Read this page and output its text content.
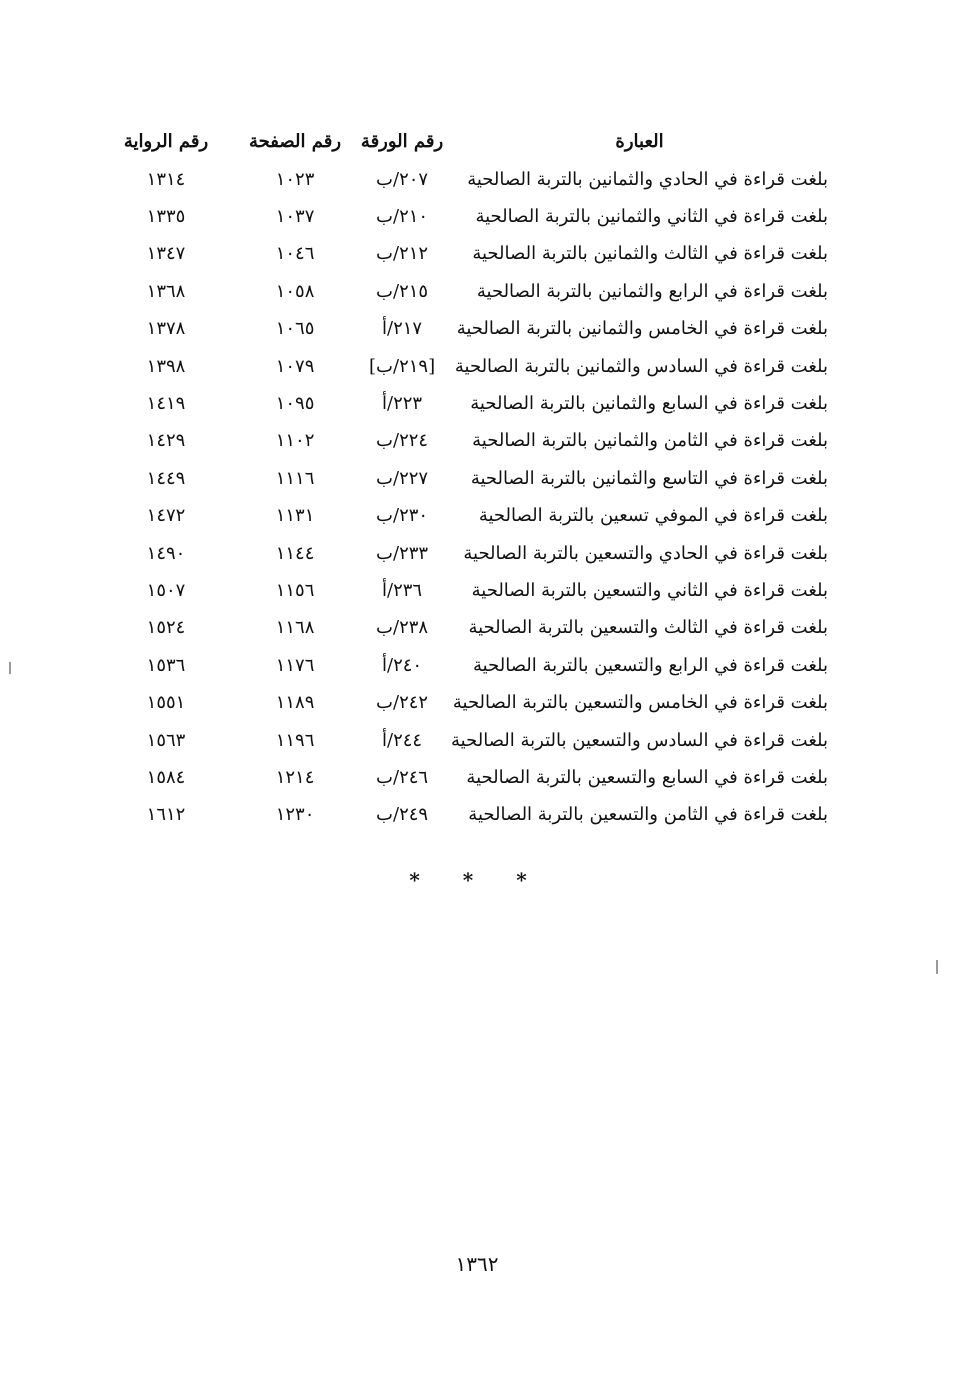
العبارة	رقم الورقة	رقم الصفحة	رقم الرواية
بلغت قراءة في الحادي والثمانين بالتربة الصالحية	٢٠٧/ب	١٠٢٣	١٣١٤
بلغت قراءة في الثاني والثمانين بالتربة الصالحية	٢١٠/ب	١٠٣٧	١٣٣٥
بلغت قراءة في الثالث والثمانين بالتربة الصالحية	٢١٢/ب	١٠٤٦	١٣٤٧
بلغت قراءة في الرابع والثمانين بالتربة الصالحية	٢١٥/ب	١٠٥٨	١٣٦٨
بلغت قراءة في الخامس والثمانين بالتربة الصالحية	٢١٧/أ	١٠٦٥	١٣٧٨
بلغت قراءة في السادس والثمانين بالتربة الصالحية	[٢١٩/ب]	١٠٧٩	١٣٩٨
بلغت قراءة في السابع والثمانين بالتربة الصالحية	٢٢٣/أ	١٠٩٥	١٤١٩
بلغت قراءة في الثامن والثمانين بالتربة الصالحية	٢٢٤/ب	١١٠٢	١٤٢٩
بلغت قراءة في التاسع والثمانين بالتربة الصالحية	٢٢٧/ب	١١١٦	١٤٤٩
بلغت قراءة في الموفي تسعين بالتربة الصالحية	٢٣٠/ب	١١٣١	١٤٧٢
بلغت قراءة في الحادي والتسعين بالتربة الصالحية	٢٣٣/ب	١١٤٤	١٤٩٠
بلغت قراءة في الثاني والتسعين بالتربة الصالحية	٢٣٦/أ	١١٥٦	١٥٠٧
بلغت قراءة في الثالث والتسعين بالتربة الصالحية	٢٣٨/ب	١١٦٨	١٥٢٤
بلغت قراءة في الرابع والتسعين بالتربة الصالحية	٢٤٠/أ	١١٧٦	١٥٣٦
بلغت قراءة في الخامس والتسعين بالتربة الصالحية	٢٤٢/ب	١١٨٩	١٥٥١
بلغت قراءة في السادس والتسعين بالتربة الصالحية	٢٤٤/أ	١١٩٦	١٥٦٣
بلغت قراءة في السابع والتسعين بالتربة الصالحية	٢٤٦/ب	١٢١٤	١٥٨٤
بلغت قراءة في الثامن والتسعين بالتربة الصالحية	٢٤٩/ب	١٢٣٠	١٦١٢
* * *
١٣٦٢
